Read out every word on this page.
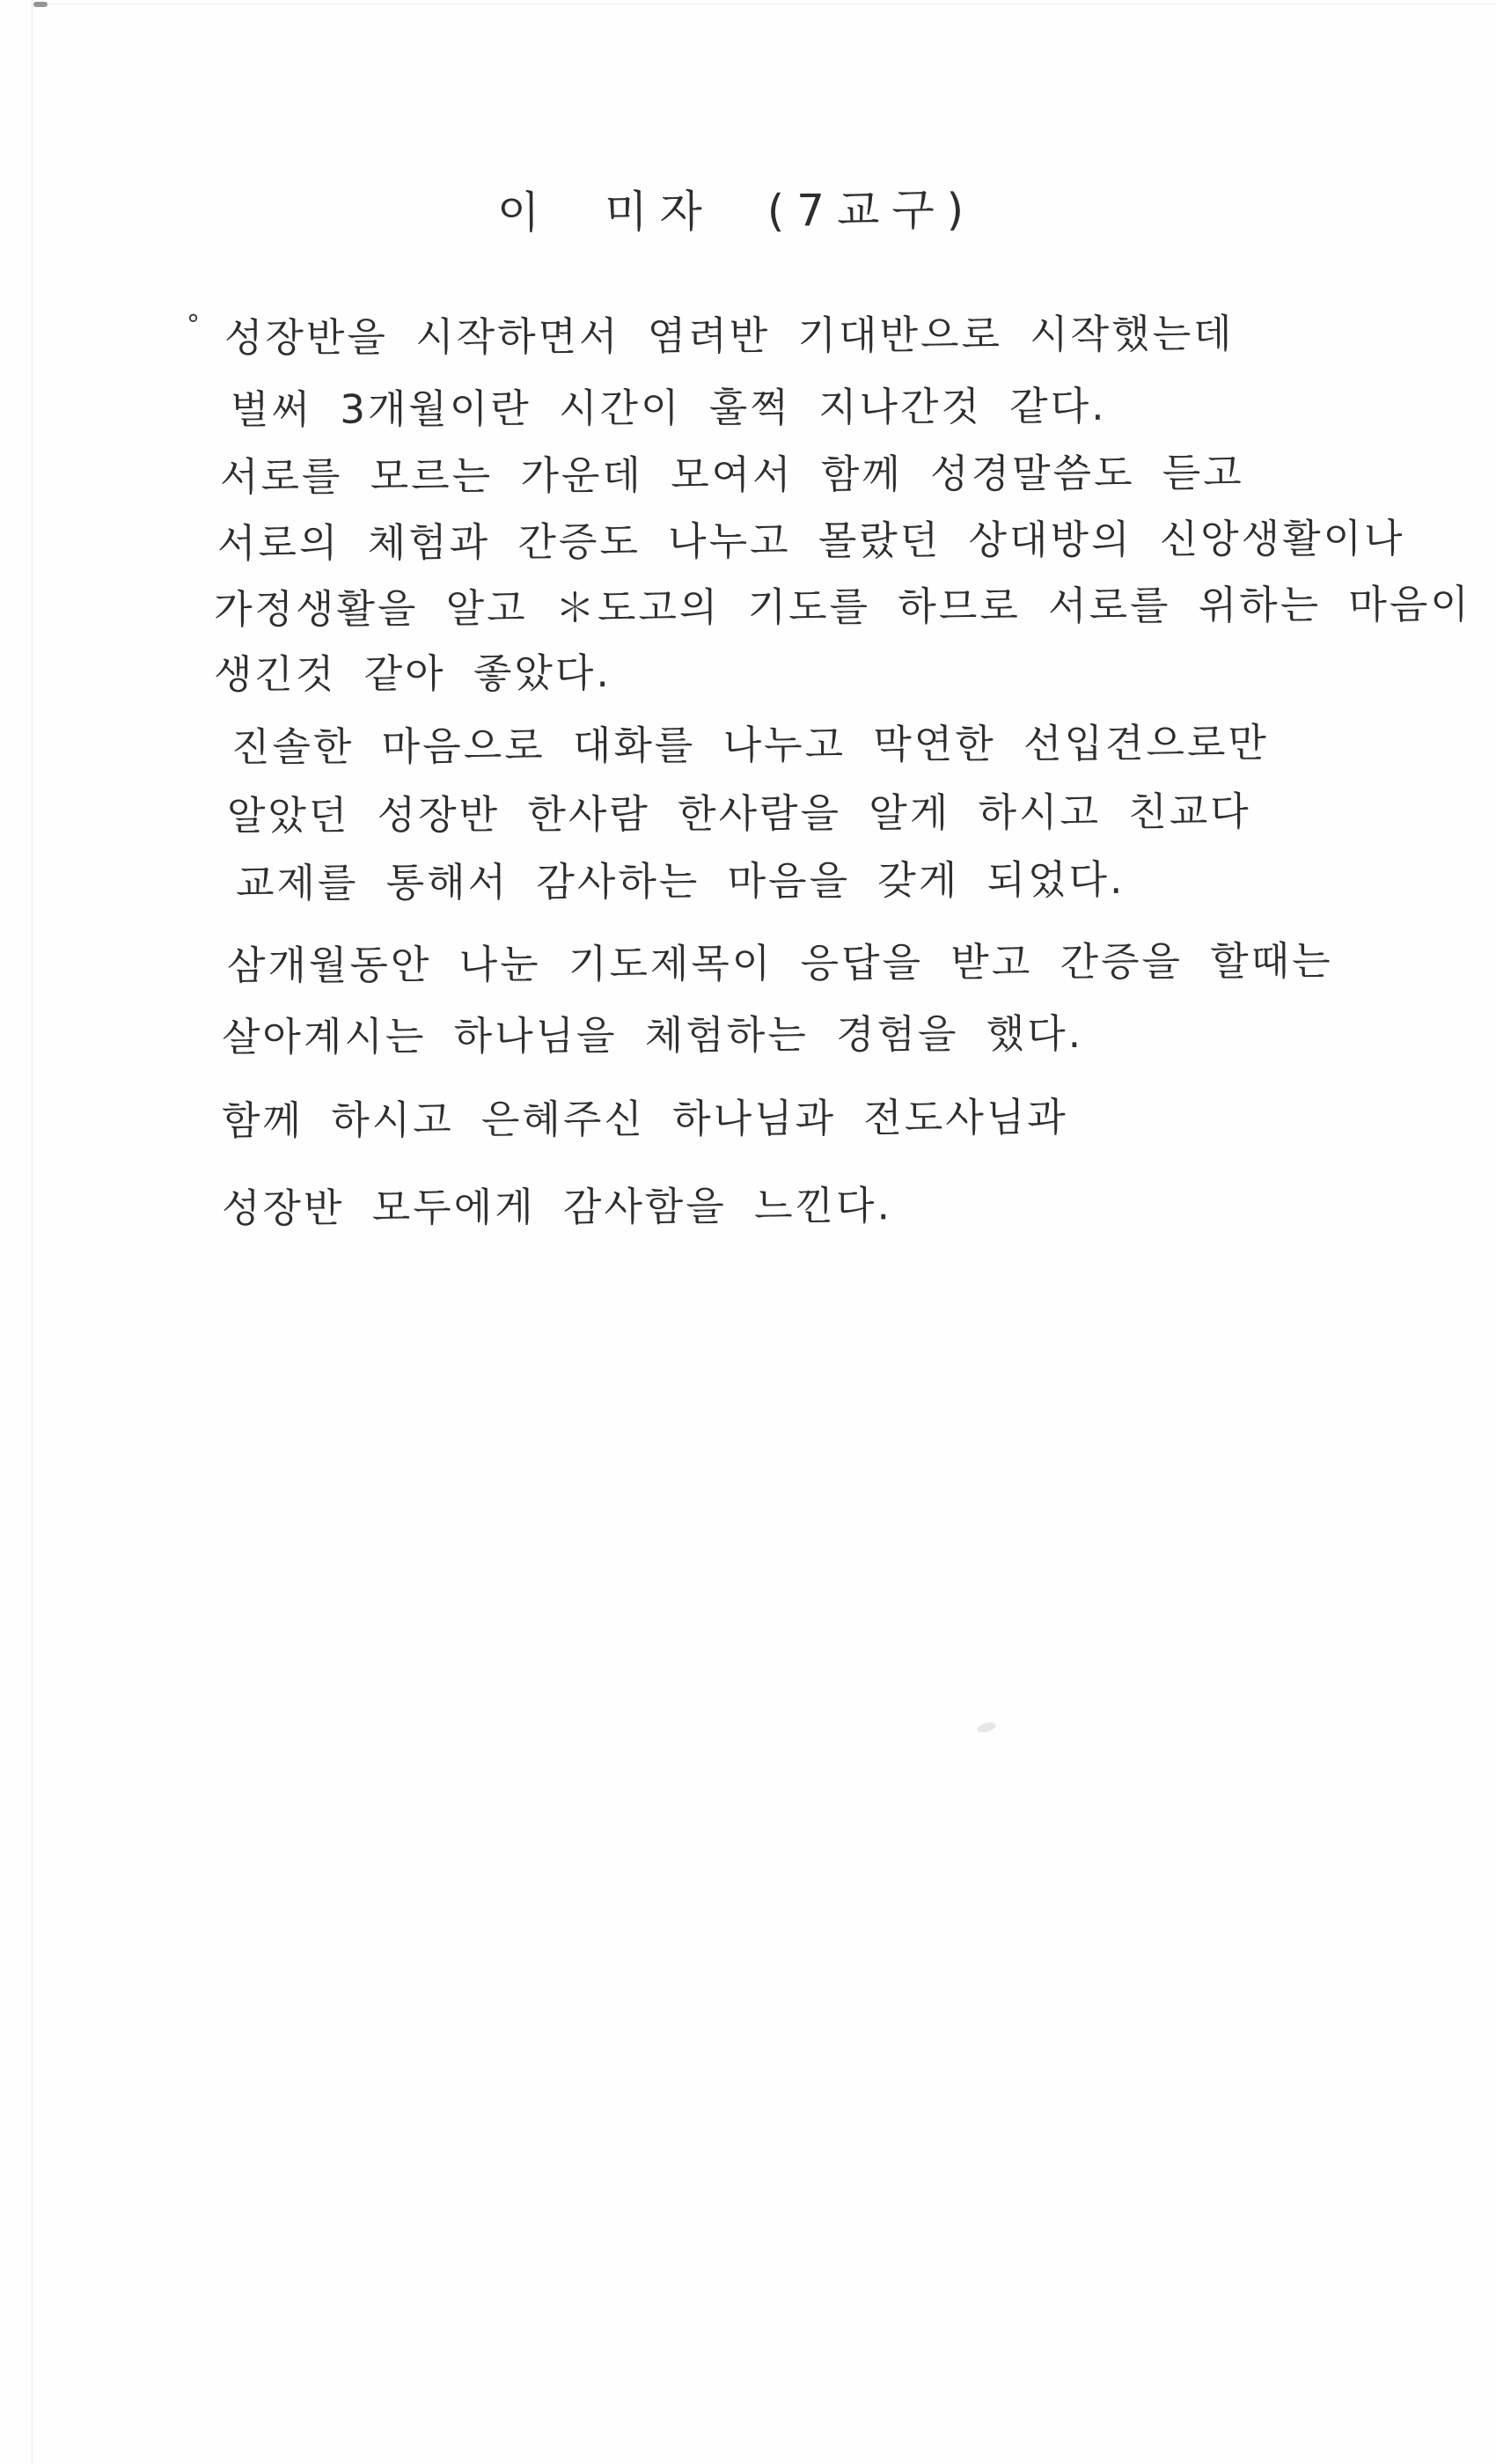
이 미자 (7교구)
° 성장반을 시작하면서 염려반 기대반으로 시작했는데

벌써 3개월이란 시간이 훌쩍 지나간것 같다.

서로를 모르는 가운데 모여서 함께 성경말씀도 듣고

서로의 체험과 간증도 나누고 몰랐던 상대방의 신앙생활이나

가정생활을 알고 ＊도고의 기도를 하므로 서로를 위하는 마음이

생긴것 같아 좋았다.

진솔한 마음으로 대화를 나누고 막연한 선입견으로만

알았던 성장반 한사람 한사람을 알게 하시고 친교다

교제를 통해서 감사하는 마음을 갖게 되었다.

삼개월동안 나눈 기도제목이 응답을 받고 간증을 할때는

살아계시는 하나님을 체험하는 경험을 했다.

함께 하시고 은혜주신 하나님과 전도사님과

성장반 모두에게 감사함을 느낀다.
